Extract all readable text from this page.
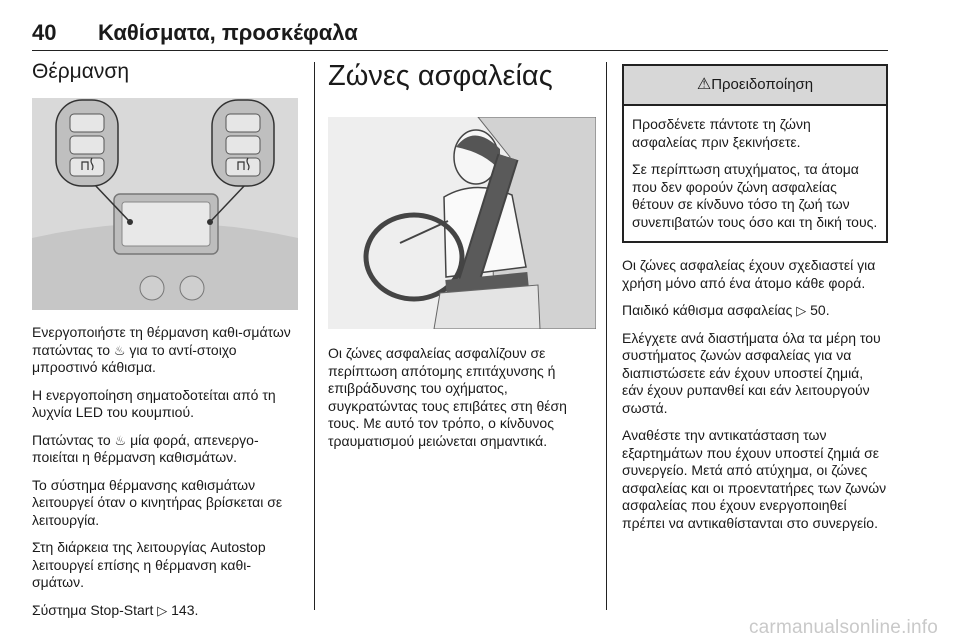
40 Καθίσματα, προσκέφαλα
Θέρμανση

Ενεργοποιήστε τη θέρμανση καθι-σμάτων πατώντας το ♨ για το αντί-στοιχο μπροστινό κάθισμα.

Η ενεργοποίηση σηματοδοτείται από τη λυχνία LED του κουμπιού.

Πατώντας το ♨ μία φορά, απενεργο-ποιείται η θέρμανση καθισμάτων.

Το σύστημα θέρμανσης καθισμάτων λειτουργεί όταν ο κινητήρας βρίσκεται σε λειτουργία.

Στη διάρκεια της λειτουργίας Autostop λειτουργεί επίσης η θέρμανση καθι-σμάτων.

Σύστημα Stop-Start ▷ 143.

Ζώνες ασφαλείας

Οι ζώνες ασφαλείας ασφαλίζουν σε περίπτωση απότομης επιτάχυνσης ή επιβράδυνσης του οχήματος, συγκρατώντας τους επιβάτες στη θέση τους. Με αυτό τον τρόπο, ο κίνδυνος τραυματισμού μειώνεται σημαντικά.

⚠Προειδοποίηση

Προσδένετε πάντοτε τη ζώνη ασφαλείας πριν ξεκινήσετε.

Σε περίπτωση ατυχήματος, τα άτομα που δεν φορούν ζώνη ασφαλείας θέτουν σε κίνδυνο τόσο τη ζωή των συνεπιβατών τους όσο και τη δική τους.

Οι ζώνες ασφαλείας έχουν σχεδιαστεί για χρήση μόνο από ένα άτομο κάθε φορά.

Παιδικό κάθισμα ασφαλείας ▷ 50.

Ελέγχετε ανά διαστήματα όλα τα μέρη του συστήματος ζωνών ασφαλείας για να διαπιστώσετε εάν έχουν υποστεί ζημιά, εάν έχουν ρυπανθεί και εάν λειτουργούν σωστά.

Αναθέστε την αντικατάσταση των εξαρτημάτων που έχουν υποστεί ζημιά σε συνεργείο. Μετά από ατύχημα, οι ζώνες ασφαλείας και οι προεντατήρες των ζωνών ασφαλείας που έχουν ενεργοποιηθεί πρέπει να αντικαθίστανται στο συνεργείο.

carmanualsonline.info
